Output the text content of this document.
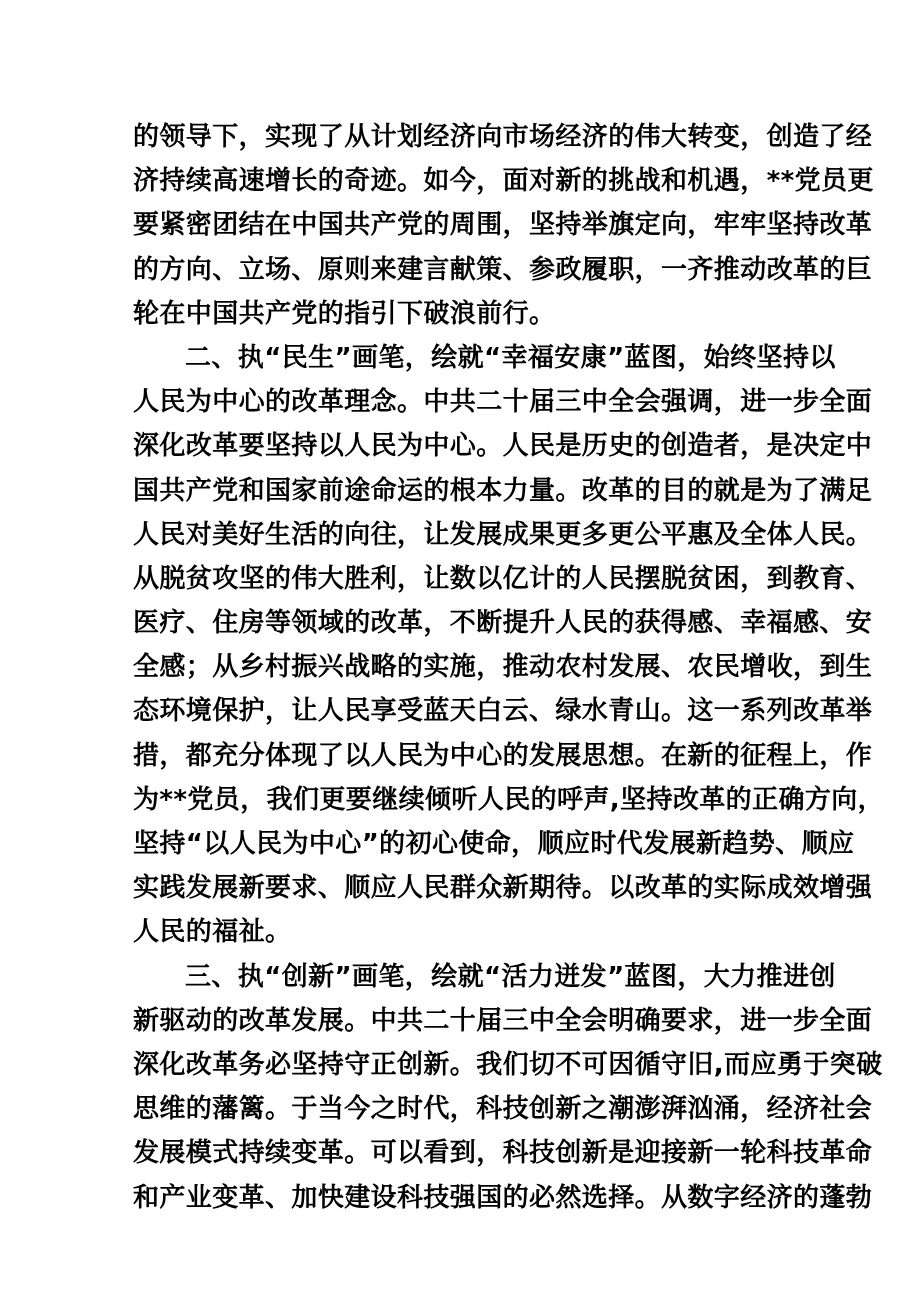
的领导下，实现了从计划经济向市场经济的伟大转变，创造了经
济持续高速增长的奇迹。如今，面对新的挑战和机遇，**党员更
要紧密团结在中国共产党的周围，坚持举旗定向，牢牢坚持改革
的方向、立场、原则来建言献策、参政履职，一齐推动改革的巨
轮在中国共产党的指引下破浪前行。
二、执“民生”画笔，绘就“幸福安康”蓝图，始终坚持以
人民为中心的改革理念。中共二十届三中全会强调，进一步全面
深化改革要坚持以人民为中心。人民是历史的创造者，是决定中
国共产党和国家前途命运的根本力量。改革的目的就是为了满足
人民对美好生活的向往，让发展成果更多更公平惠及全体人民。
从脱贫攻坚的伟大胜利，让数以亿计的人民摆脱贫困，到教育、
医疗、住房等领域的改革，不断提升人民的获得感、幸福感、安
全感；从乡村振兴战略的实施，推动农村发展、农民增收，到生
态环境保护，让人民享受蓝天白云、绿水青山。这一系列改革举
措，都充分体现了以人民为中心的发展思想。在新的征程上，作
为**党员，我们更要继续倾听人民的呼声,坚持改革的正确方向，
坚持“以人民为中心”的初心使命，顺应时代发展新趋势、顺应
实践发展新要求、顺应人民群众新期待。以改革的实际成效增强
人民的福祉。
三、执“创新”画笔，绘就“活力迸发”蓝图，大力推进创
新驱动的改革发展。中共二十届三中全会明确要求，进一步全面
深化改革务必坚持守正创新。我们切不可因循守旧,而应勇于突破
思维的藩篱。于当今之时代，科技创新之潮澎湃汹涌，经济社会
发展模式持续变革。可以看到，科技创新是迎接新一轮科技革命
和产业变革、加快建设科技强国的必然选择。从数字经济的蓬勃
